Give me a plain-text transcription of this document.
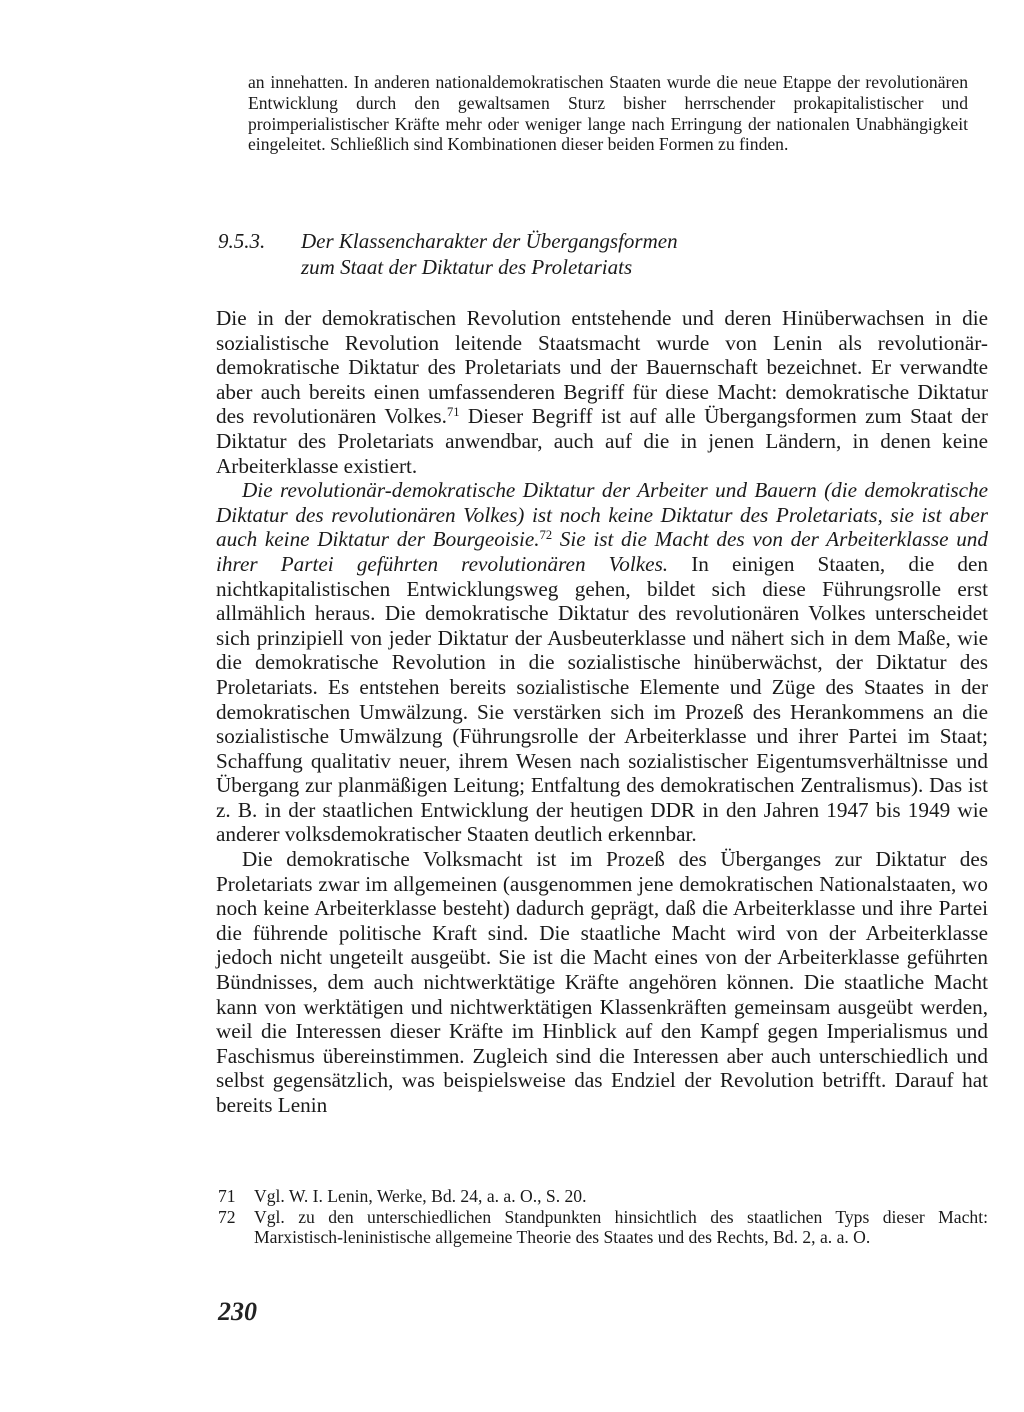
an innehatten. In anderen nationaldemokratischen Staaten wurde die neue Etappe der revolutionären Entwicklung durch den gewaltsamen Sturz bisher herrschender prokapitalistischer und proimperialistischer Kräfte mehr oder weniger lange nach Erringung der nationalen Unabhängigkeit eingeleitet. Schließlich sind Kombinationen dieser beiden Formen zu finden.

9.5.3. Der Klassencharakter der Übergangsformen
zum Staat der Diktatur des Proletariats

Die in der demokratischen Revolution entstehende und deren Hinüberwachsen in die sozialistische Revolution leitende Staatsmacht wurde von Lenin als revolutionär-demokratische Diktatur des Proletariats und der Bauernschaft bezeichnet. Er verwandte aber auch bereits einen umfassenderen Begriff für diese Macht: demokratische Diktatur des revolutionären Volkes.$^{71}$ Dieser Begriff ist auf alle Übergangsformen zum Staat der Diktatur des Proletariats anwendbar, auch auf die in jenen Ländern, in denen keine Arbeiterklasse existiert.

Die revolutionär-demokratische Diktatur der Arbeiter und Bauern (die demokratische Diktatur des revolutionären Volkes) ist noch keine Diktatur des Proletariats, sie ist aber auch keine Diktatur der Bourgeoisie.$^{72}$ Sie ist die Macht des von der Arbeiterklasse und ihrer Partei geführten revolutionären Volkes. In einigen Staaten, die den nichtkapitalistischen Entwicklungsweg gehen, bildet sich diese Führungsrolle erst allmählich heraus. Die demokratische Diktatur des revolutionären Volkes unterscheidet sich prinzipiell von jeder Diktatur der Ausbeuterklasse und nähert sich in dem Maße, wie die demokratische Revolution in die sozialistische hinüberwächst, der Diktatur des Proletariats. Es entstehen bereits sozialistische Elemente und Züge des Staates in der demokratischen Umwälzung. Sie verstärken sich im Prozeß des Herankommens an die sozialistische Umwälzung (Führungsrolle der Arbeiterklasse und ihrer Partei im Staat; Schaffung qualitativ neuer, ihrem Wesen nach sozialistischer Eigentumsverhältnisse und Übergang zur planmäßigen Leitung; Entfaltung des demokratischen Zentralismus). Das ist z. B. in der staatlichen Entwicklung der heutigen DDR in den Jahren 1947 bis 1949 wie anderer volksdemokratischer Staaten deutlich erkennbar.

Die demokratische Volksmacht ist im Prozeß des Überganges zur Diktatur des Proletariats zwar im allgemeinen (ausgenommen jene demokratischen Nationalstaaten, wo noch keine Arbeiterklasse besteht) dadurch geprägt, daß die Arbeiterklasse und ihre Partei die führende politische Kraft sind. Die staatliche Macht wird von der Arbeiterklasse jedoch nicht ungeteilt ausgeübt. Sie ist die Macht eines von der Arbeiterklasse geführten Bündnisses, dem auch nichtwerktätige Kräfte angehören können. Die staatliche Macht kann von werktätigen und nichtwerktätigen Klassenkräften gemeinsam ausgeübt werden, weil die Interessen dieser Kräfte im Hinblick auf den Kampf gegen Imperialismus und Faschismus übereinstimmen. Zugleich sind die Interessen aber auch unterschiedlich und selbst gegensätzlich, was beispielsweise das Endziel der Revolution betrifft. Darauf hat bereits Lenin

71	Vgl. W. I. Lenin, Werke, Bd. 24, a. a. O., S. 20.
72	Vgl. zu den unterschiedlichen Standpunkten hinsichtlich des staatlichen Typs dieser Macht: Marxistisch-leninistische allgemeine Theorie des Staates und des Rechts, Bd. 2, a. a. O.
230
